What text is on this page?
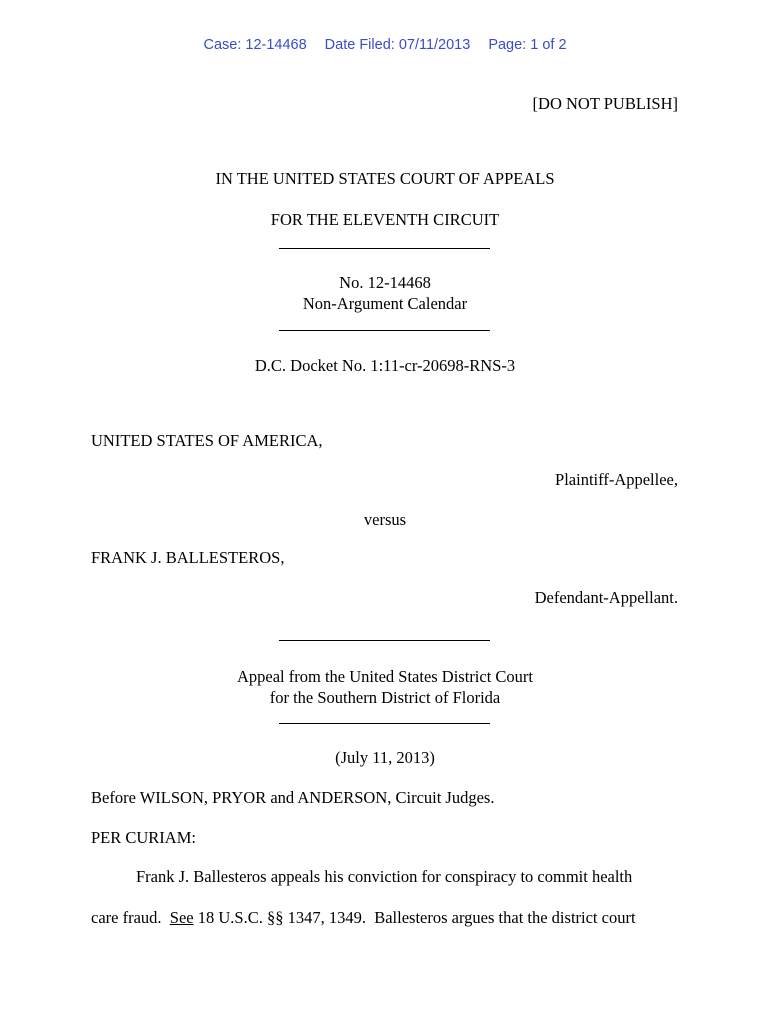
Case: 12-14468 Date Filed: 07/11/2013 Page: 1 of 2
[DO NOT PUBLISH]
IN THE UNITED STATES COURT OF APPEALS
FOR THE ELEVENTH CIRCUIT
No. 12-14468
Non-Argument Calendar
D.C. Docket No. 1:11-cr-20698-RNS-3
UNITED STATES OF AMERICA,
Plaintiff-Appellee,
versus
FRANK J. BALLESTEROS,
Defendant-Appellant.
Appeal from the United States District Court
for the Southern District of Florida
(July 11, 2013)
Before WILSON, PRYOR and ANDERSON, Circuit Judges.
PER CURIAM:
Frank J. Ballesteros appeals his conviction for conspiracy to commit health
care fraud.  See 18 U.S.C. §§ 1347, 1349.  Ballesteros argues that the district court
